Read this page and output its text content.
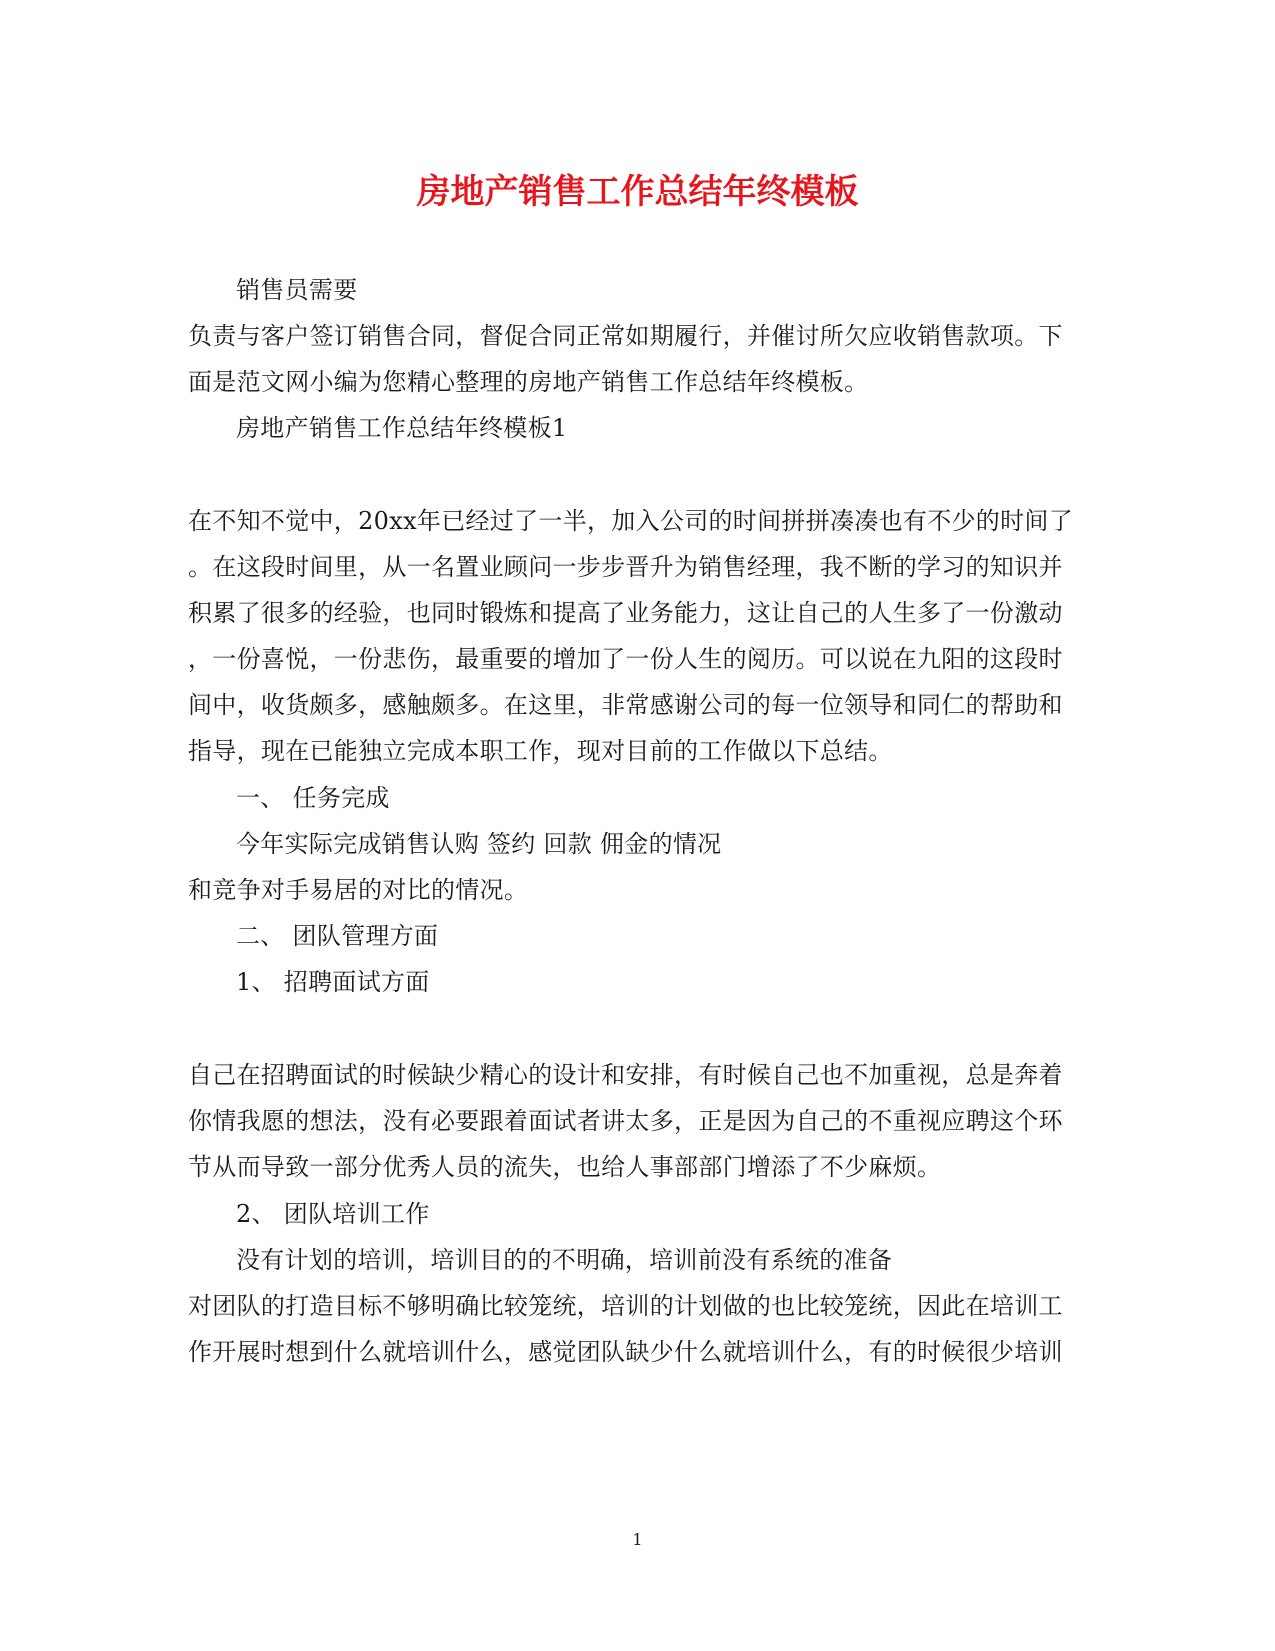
房地产销售工作总结年终模板
销售员需要
负责与客户签订销售合同，督促合同正常如期履行，并催讨所欠应收销售款项。下
面是范文网小编为您精心整理的房地产销售工作总结年终模板。
房地产销售工作总结年终模板1
在不知不觉中，20xx年已经过了一半，加入公司的时间拼拼凑凑也有不少的时间了
。在这段时间里，从一名置业顾问一步步晋升为销售经理，我不断的学习的知识并
积累了很多的经验，也同时锻炼和提高了业务能力，这让自己的人生多了一份激动
，一份喜悦，一份悲伤，最重要的增加了一份人生的阅历。可以说在九阳的这段时
间中，收货颇多，感触颇多。在这里，非常感谢公司的每一位领导和同仁的帮助和
指导，现在已能独立完成本职工作，现对目前的工作做以下总结。
一、 任务完成
今年实际完成销售认购 签约 回款 佣金的情况
和竞争对手易居的对比的情况。
二、 团队管理方面
1、 招聘面试方面
自己在招聘面试的时候缺少精心的设计和安排，有时候自己也不加重视，总是奔着
你情我愿的想法，没有必要跟着面试者讲太多，正是因为自己的不重视应聘这个环
节从而导致一部分优秀人员的流失，也给人事部部门增添了不少麻烦。
2、 团队培训工作
没有计划的培训，培训目的的不明确，培训前没有系统的准备
对团队的打造目标不够明确比较笼统，培训的计划做的也比较笼统，因此在培训工
作开展时想到什么就培训什么，感觉团队缺少什么就培训什么，有的时候很少培训
1
